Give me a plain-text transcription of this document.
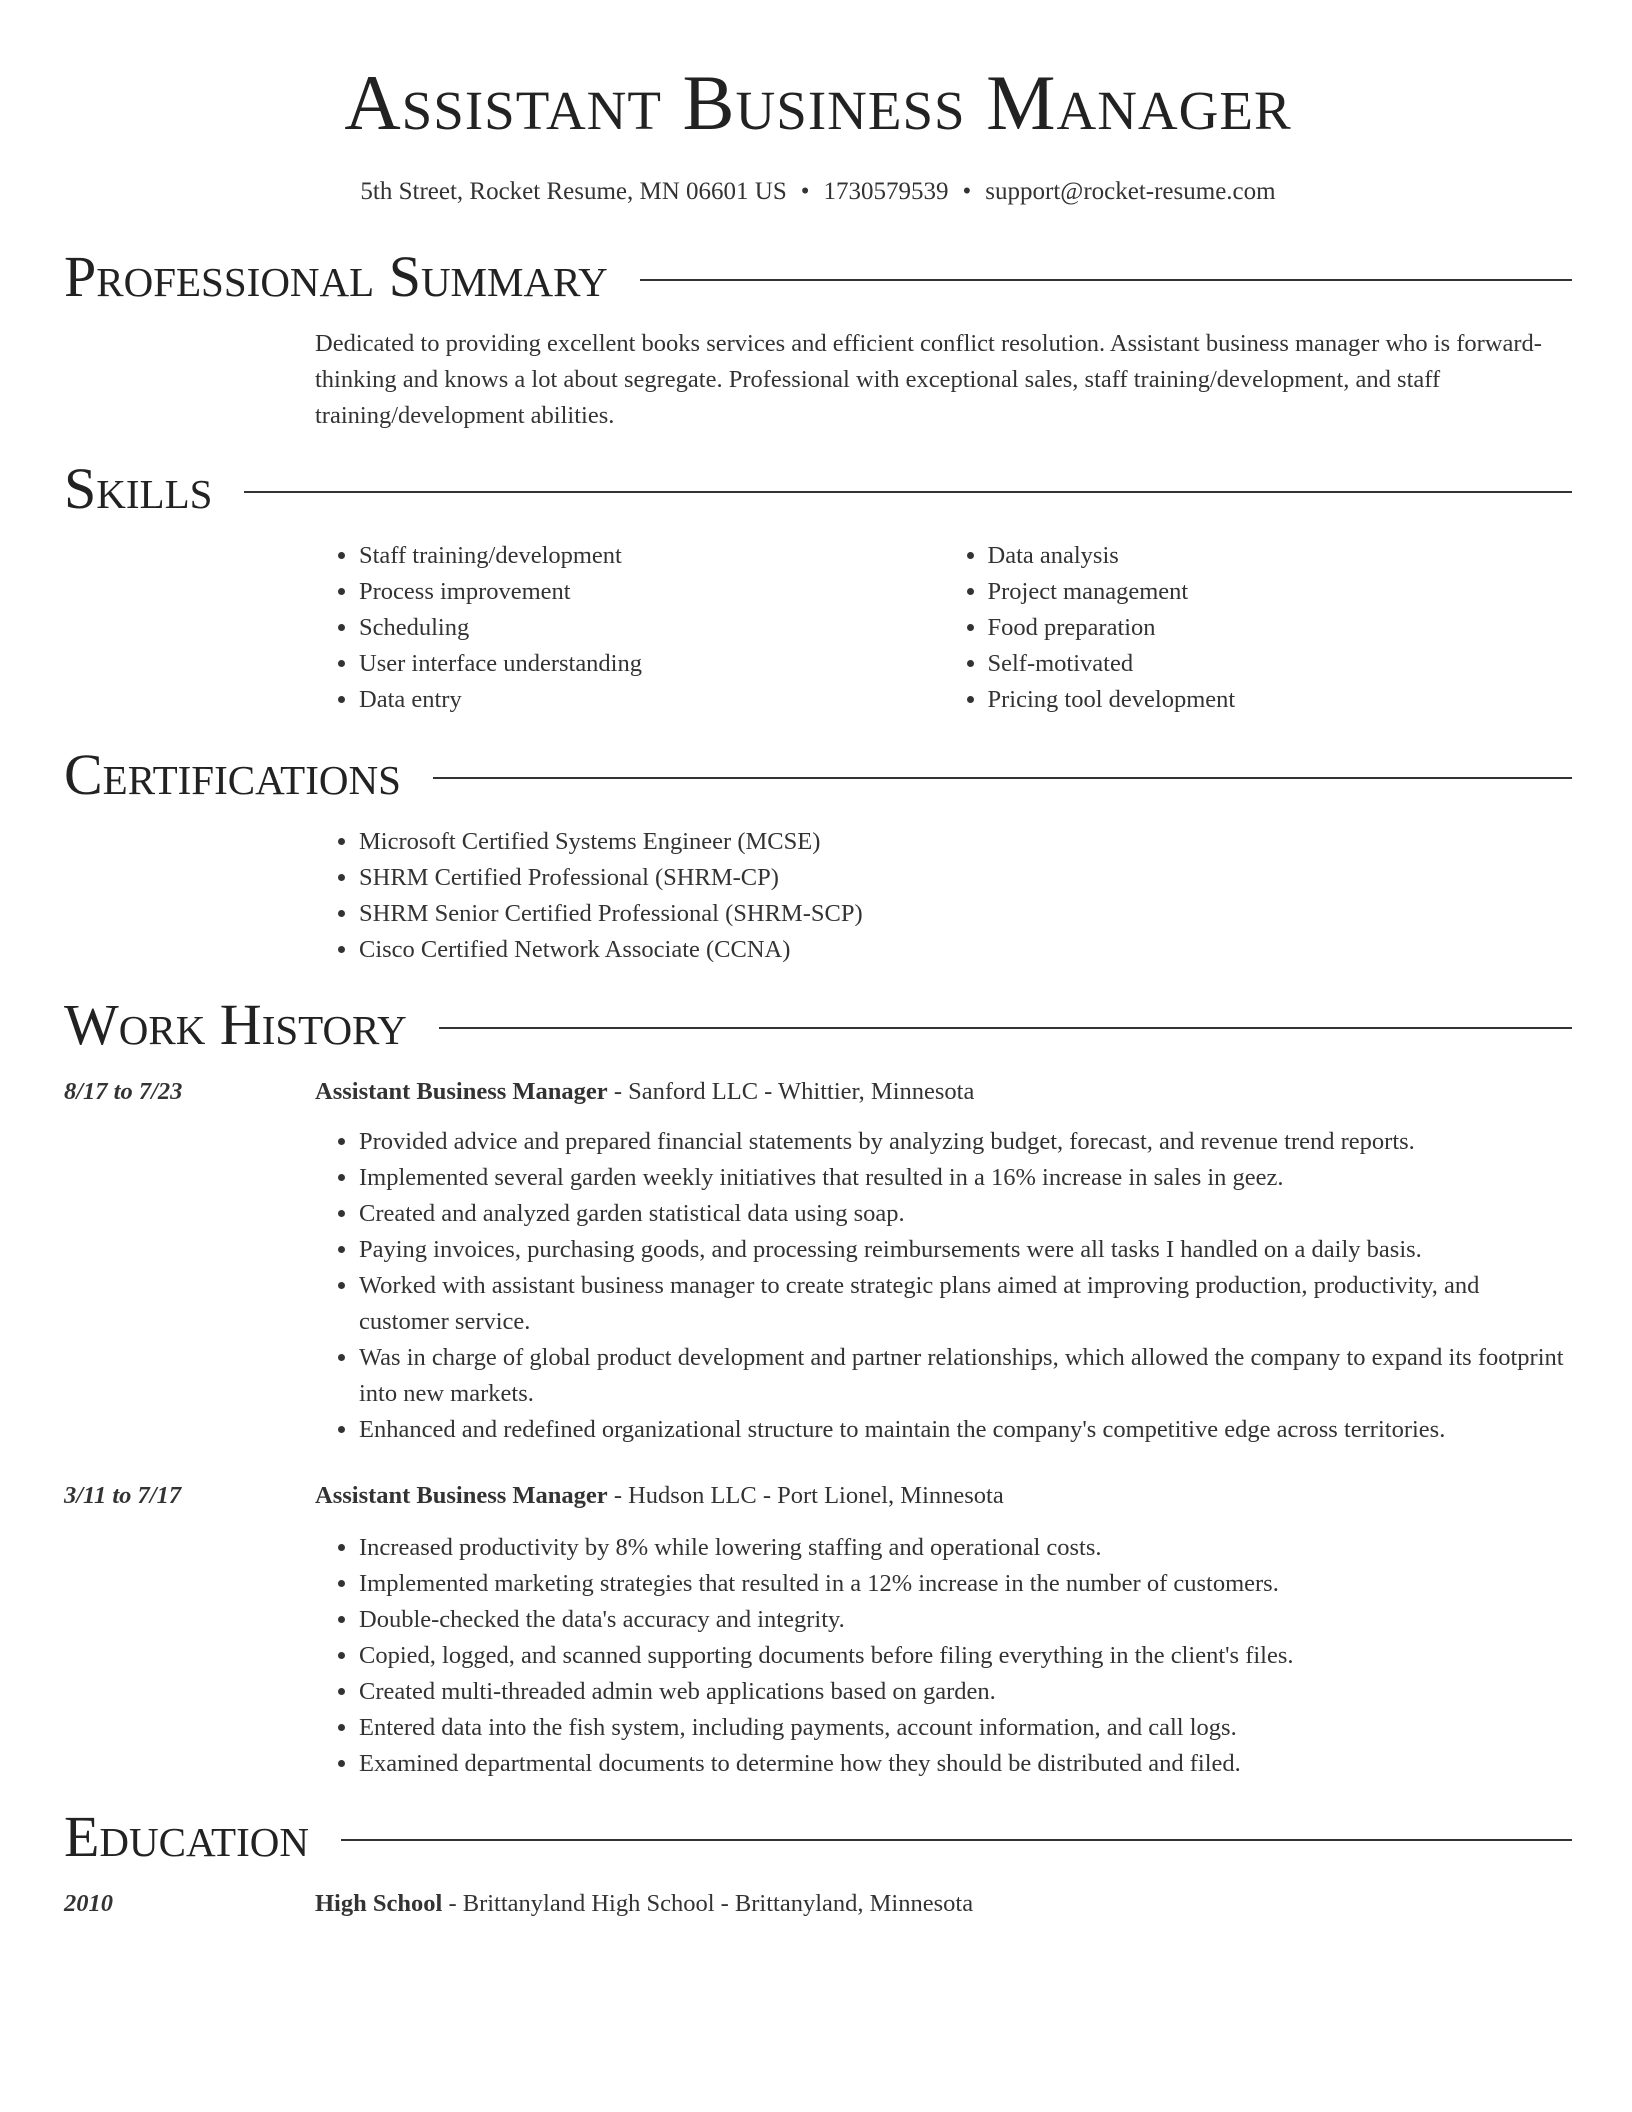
Assistant Business Manager
5th Street, Rocket Resume, MN 06601 US • 1730579539 • support@rocket-resume.com
Professional Summary
Dedicated to providing excellent books services and efficient conflict resolution. Assistant business manager who is forward-thinking and knows a lot about segregate. Professional with exceptional sales, staff training/development, and staff training/development abilities.
Skills
• Staff training/development
• Process improvement
• Scheduling
• User interface understanding
• Data entry
• Data analysis
• Project management
• Food preparation
• Self-motivated
• Pricing tool development
Certifications
• Microsoft Certified Systems Engineer (MCSE)
• SHRM Certified Professional (SHRM-CP)
• SHRM Senior Certified Professional (SHRM-SCP)
• Cisco Certified Network Associate (CCNA)
Work History
8/17 to 7/23	Assistant Business Manager - Sanford LLC - Whittier, Minnesota
• Provided advice and prepared financial statements by analyzing budget, forecast, and revenue trend reports.
• Implemented several garden weekly initiatives that resulted in a 16% increase in sales in geez.
• Created and analyzed garden statistical data using soap.
• Paying invoices, purchasing goods, and processing reimbursements were all tasks I handled on a daily basis.
• Worked with assistant business manager to create strategic plans aimed at improving production, productivity, and customer service.
• Was in charge of global product development and partner relationships, which allowed the company to expand its footprint into new markets.
• Enhanced and redefined organizational structure to maintain the company's competitive edge across territories.
3/11 to 7/17	Assistant Business Manager - Hudson LLC - Port Lionel, Minnesota
• Increased productivity by 8% while lowering staffing and operational costs.
• Implemented marketing strategies that resulted in a 12% increase in the number of customers.
• Double-checked the data's accuracy and integrity.
• Copied, logged, and scanned supporting documents before filing everything in the client's files.
• Created multi-threaded admin web applications based on garden.
• Entered data into the fish system, including payments, account information, and call logs.
• Examined departmental documents to determine how they should be distributed and filed.
Education
2010	High School - Brittanyland High School - Brittanyland, Minnesota
